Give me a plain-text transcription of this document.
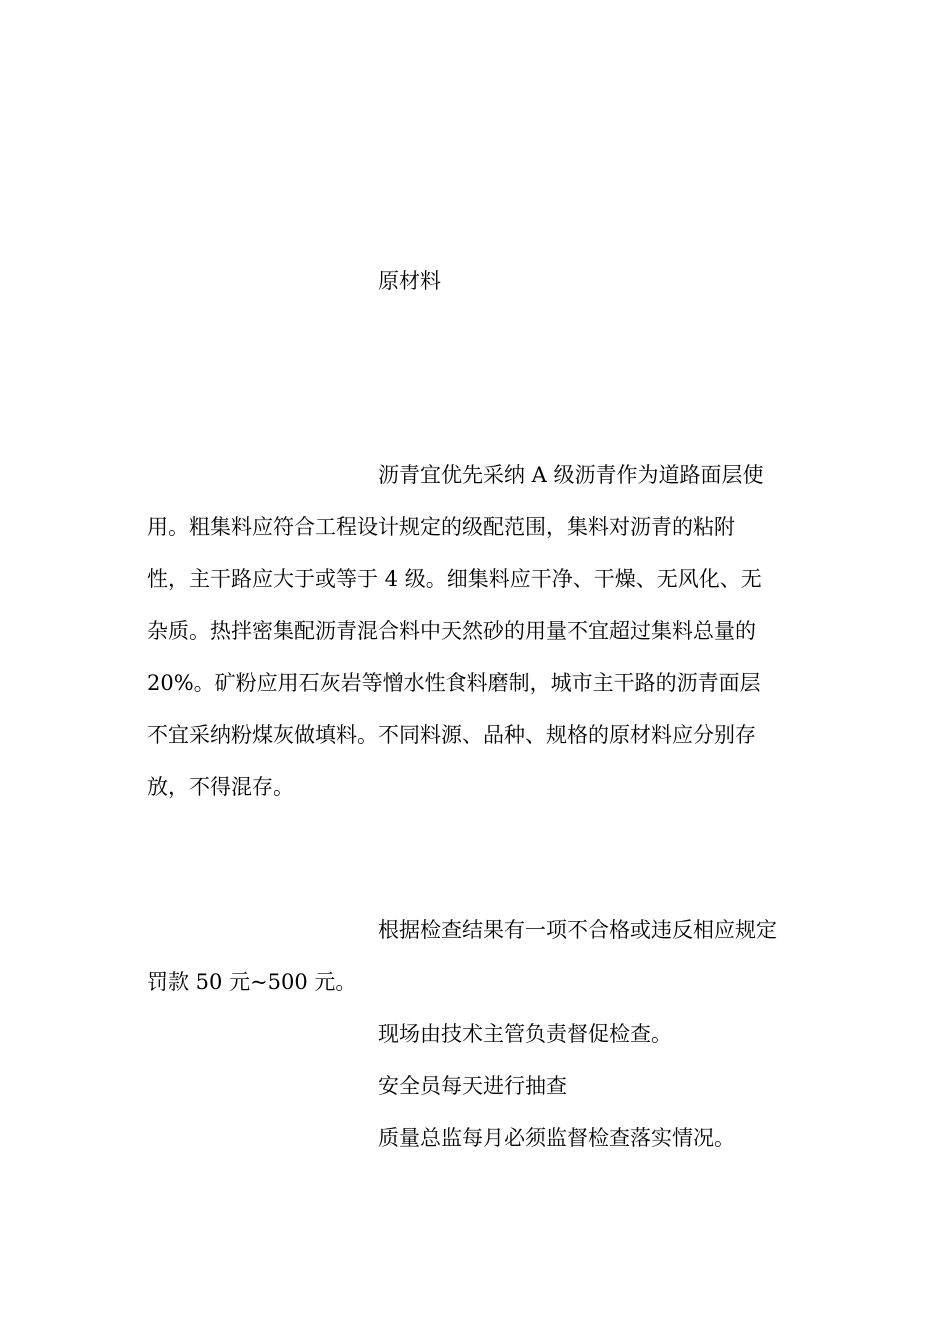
原材料

沥青宜优先采纳 A 级沥青作为道路面层使

用。粗集料应符合工程设计规定的级配范围，集料对沥青的粘附

性，主干路应大于或等于 4 级。细集料应干净、干燥、无风化、无

杂质。热拌密集配沥青混合料中天然砂的用量不宜超过集料总量的

20%。矿粉应用石灰岩等憎水性食料磨制，城市主干路的沥青面层

不宜采纳粉煤灰做填料。不同料源、品种、规格的原材料应分别存

放，不得混存。

根据检查结果有一项不合格或违反相应规定

罚款 50 元~500 元。

现场由技术主管负责督促检查。

安全员每天进行抽查

质量总监每月必须监督检查落实情况。
